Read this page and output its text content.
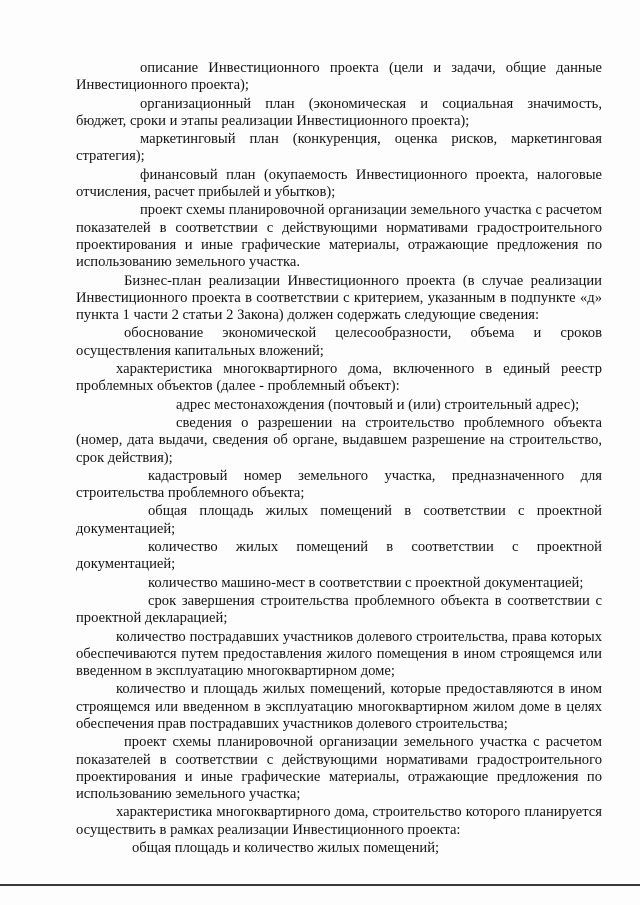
описание Инвестиционного проекта (цели и задачи, общие данные Инвестиционного проекта);

организационный план (экономическая и социальная значимость, бюджет, сроки и этапы реализации Инвестиционного проекта);

маркетинговый план (конкуренция, оценка рисков, маркетинговая стратегия);

финансовый план (окупаемость Инвестиционного проекта, налоговые отчисления, расчет прибылей и убытков);

проект схемы планировочной организации земельного участка с расчетом показателей в соответствии с действующими нормативами градостроительного проектирования и иные графические материалы, отражающие предложения по использованию земельного участка.

Бизнес-план реализации Инвестиционного проекта (в случае реализации Инвестиционного проекта в соответствии с критерием, указанным в подпункте «д» пункта 1 части 2 статьи 2 Закона) должен содержать следующие сведения:

обоснование экономической целесообразности, объема и сроков осуществления капитальных вложений;

характеристика многоквартирного дома, включенного в единый реестр проблемных объектов (далее - проблемный объект):

адрес местонахождения (почтовый и (или) строительный адрес);

сведения о разрешении на строительство проблемного объекта (номер, дата выдачи, сведения об органе, выдавшем разрешение на строительство, срок действия);

кадастровый номер земельного участка, предназначенного для строительства проблемного объекта;

общая площадь жилых помещений в соответствии с проектной документацией;

количество жилых помещений в соответствии с проектной документацией;

количество машино-мест в соответствии с проектной документацией;

срок завершения строительства проблемного объекта в соответствии с проектной декларацией;

количество пострадавших участников долевого строительства, права которых обеспечиваются путем предоставления жилого помещения в ином строящемся или введенном в эксплуатацию многоквартирном доме;

количество и площадь жилых помещений, которые предоставляются в ином строящемся или введенном в эксплуатацию многоквартирном жилом доме в целях обеспечения прав пострадавших участников долевого строительства;

проект схемы планировочной организации земельного участка с расчетом показателей в соответствии с действующими нормативами градостроительного проектирования и иные графические материалы, отражающие предложения по использованию земельного участка;

характеристика многоквартирного дома, строительство которого планируется осуществить в рамках реализации Инвестиционного проекта:

общая площадь и количество жилых помещений;
